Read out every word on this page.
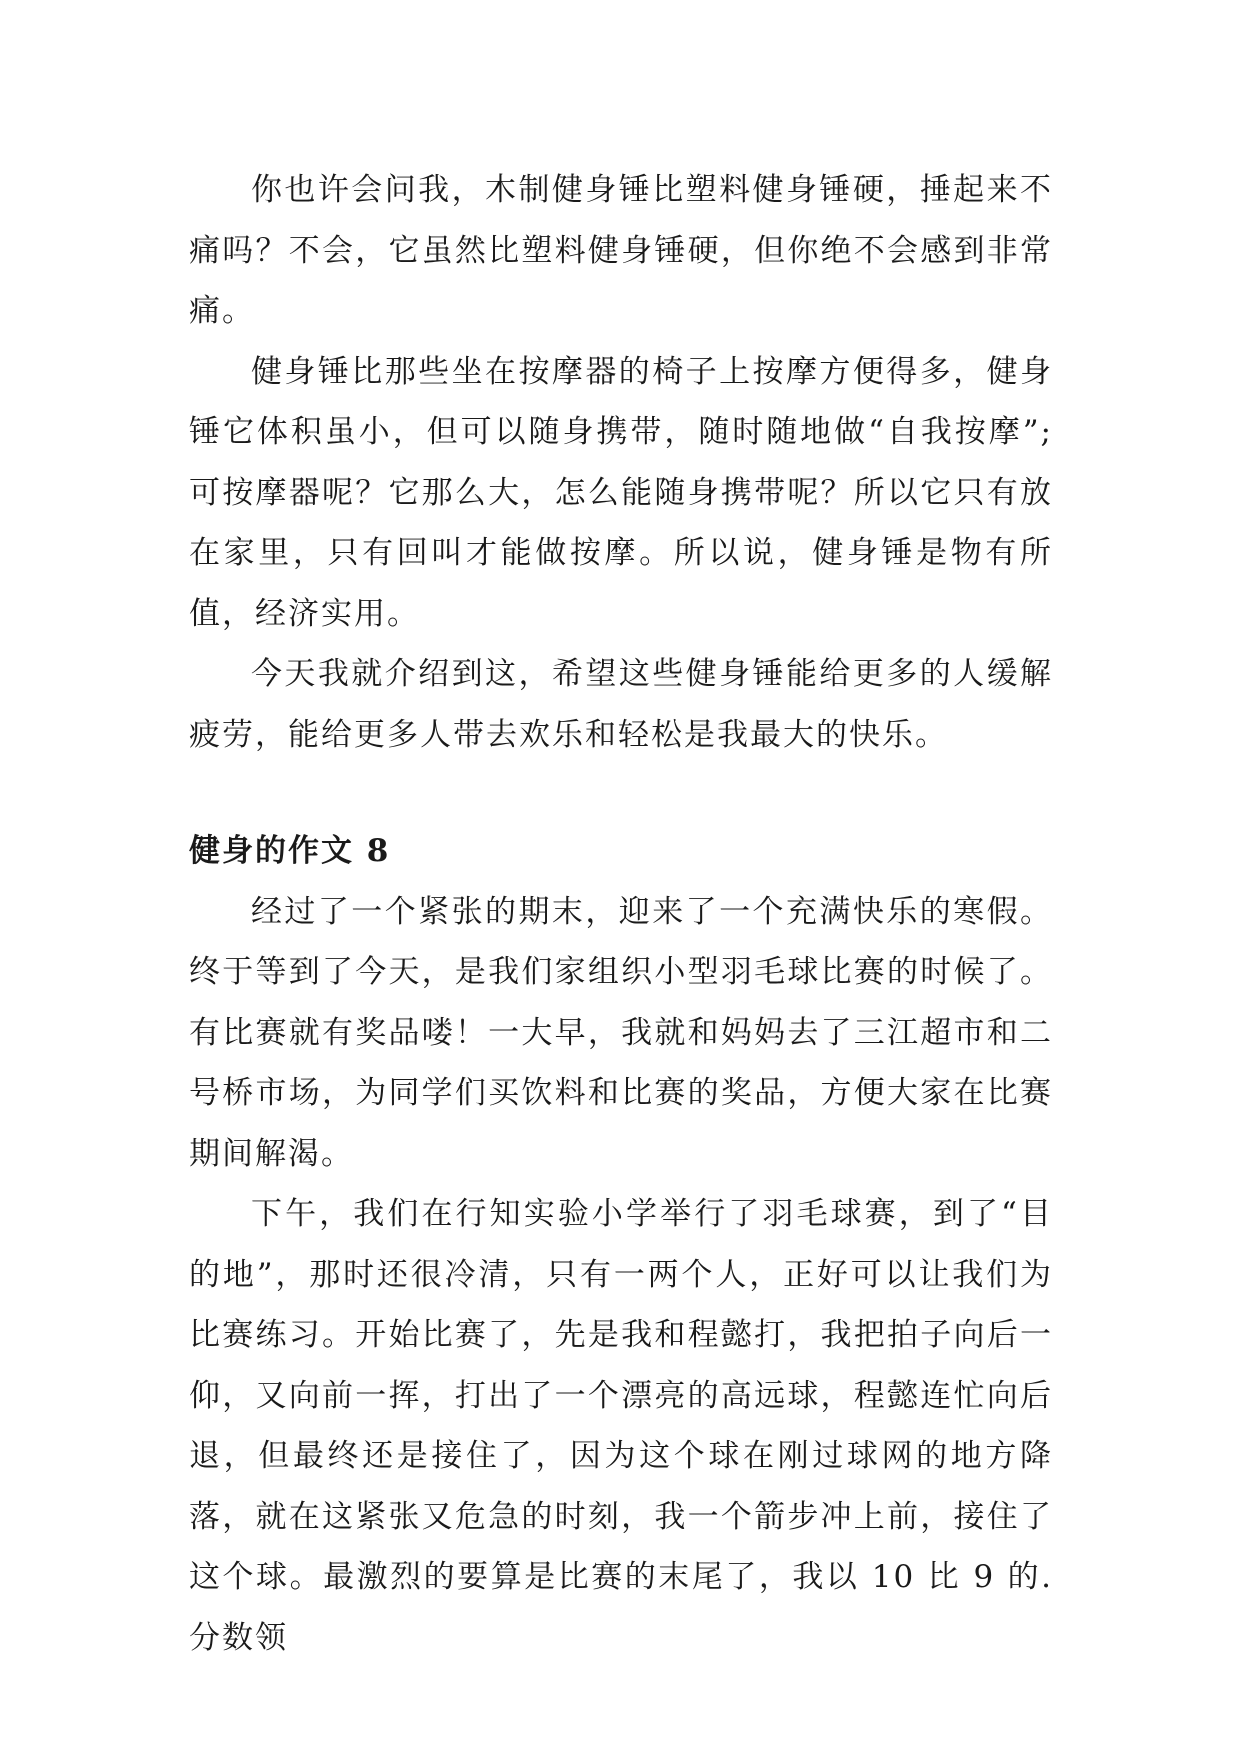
你也许会问我，木制健身锤比塑料健身锤硬，捶起来不痛吗？不会，它虽然比塑料健身锤硬，但你绝不会感到非常痛。

健身锤比那些坐在按摩器的椅子上按摩方便得多，健身锤它体积虽小，但可以随身携带，随时随地做“自我按摩”;可按摩器呢？它那么大，怎么能随身携带呢？所以它只有放在家里，只有回叫才能做按摩。所以说，健身锤是物有所值，经济实用。

今天我就介绍到这，希望这些健身锤能给更多的人缓解疲劳，能给更多人带去欢乐和轻松是我最大的快乐。

健身的作文 8

经过了一个紧张的期末，迎来了一个充满快乐的寒假。终于等到了今天，是我们家组织小型羽毛球比赛的时候了。有比赛就有奖品喽！一大早，我就和妈妈去了三江超市和二号桥市场，为同学们买饮料和比赛的奖品，方便大家在比赛期间解渴。

下午，我们在行知实验小学举行了羽毛球赛，到了“目的地”，那时还很冷清，只有一两个人，正好可以让我们为比赛练习。开始比赛了，先是我和程懿打，我把拍子向后一仰，又向前一挥，打出了一个漂亮的高远球，程懿连忙向后退，但最终还是接住了，因为这个球在刚过球网的地方降落，就在这紧张又危急的时刻，我一个箭步冲上前，接住了这个球。最激烈的要算是比赛的末尾了，我以 10 比 9 的. 分数领
